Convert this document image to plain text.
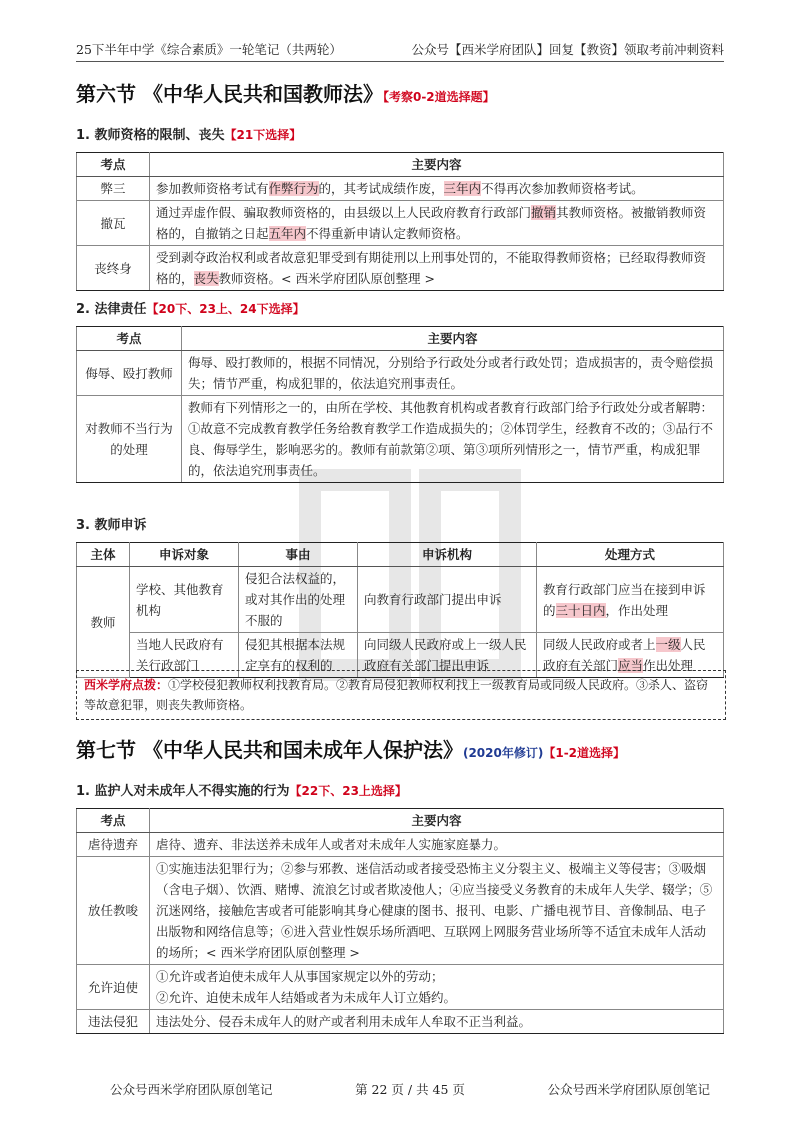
25下半年中学《综合素质》一轮笔记（共两轮）	公众号【西米学府团队】回复【教资】领取考前冲刺资料
第六节 《中华人民共和国教师法》【考察0-2道选择题】
1. 教师资格的限制、丧失【21下选择】
考点	主要内容
弊三	参加教师资格考试有作弊行为的，其考试成绩作废，三年内不得再次参加教师资格考试。
撤瓦	通过弄虚作假、骗取教师资格的，由县级以上人民政府教育行政部门撤销其教师资格。被撤销教师资格的，自撤销之日起五年内不得重新申请认定教师资格。
丧终身	受到剥夺政治权利或者故意犯罪受到有期徒刑以上刑事处罚的，不能取得教师资格；已经取得教师资格的，丧失教师资格。< 西米学府团队原创整理 >
2. 法律责任【20下、23上、24下选择】
考点	主要内容
侮辱、殴打教师	侮辱、殴打教师的，根据不同情况，分别给予行政处分或者行政处罚；造成损害的，责令赔偿损失；情节严重，构成犯罪的，依法追究刑事责任。
对教师不当行为的处理	教师有下列情形之一的，由所在学校、其他教育机构或者教育行政部门给予行政处分或者解聘：①故意不完成教育教学任务给教育教学工作造成损失的；②体罚学生，经教育不改的；③品行不良、侮辱学生，影响恶劣的。教师有前款第②项、第③项所列情形之一，情节严重，构成犯罪的，依法追究刑事责任。
3. 教师申诉
主体	申诉对象	事由	申诉机构	处理方式
教师	学校、其他教育机构	侵犯合法权益的，或对其作出的处理不服的	向教育行政部门提出申诉	教育行政部门应当在接到申诉的三十日内，作出处理
	当地人民政府有关行政部门	侵犯其根据本法规定享有的权利的	向同级人民政府或上一级人民政府有关部门提出申诉	同级人民政府或者上一级人民政府有关部门应当作出处理
西米学府点拨：①学校侵犯教师权利找教育局。②教育局侵犯教师权利找上一级教育局或同级人民政府。③杀人、盗窃等故意犯罪，则丧失教师资格。
第七节 《中华人民共和国未成年人保护法》(2020年修订)【1-2道选择】
1. 监护人对未成年人不得实施的行为【22下、23上选择】
考点	主要内容
虐待遗弃	虐待、遗弃、非法送养未成年人或者对未成年人实施家庭暴力。
放任教唆	①实施违法犯罪行为；②参与邪教、迷信活动或者接受恐怖主义分裂主义、极端主义等侵害；③吸烟（含电子烟）、饮酒、赌博、流浪乞讨或者欺凌他人；④应当接受义务教育的未成年人失学、辍学；⑤沉迷网络，接触危害或者可能影响其身心健康的图书、报刊、电影、广播电视节目、音像制品、电子出版物和网络信息等；⑥进入营业性娱乐场所酒吧、互联网上网服务营业场所等不适宜未成年人活动的场所；< 西米学府团队原创整理 >
允许迫使	①允许或者迫使未成年人从事国家规定以外的劳动；
②允许、迫使未成年人结婚或者为未成年人订立婚约。

违法侵犯	违法处分、侵吞未成年人的财产或者利用未成年人牟取不正当利益。
公众号西米学府团队原创笔记	第 22 页 / 共 45 页	公众号西米学府团队原创笔记
